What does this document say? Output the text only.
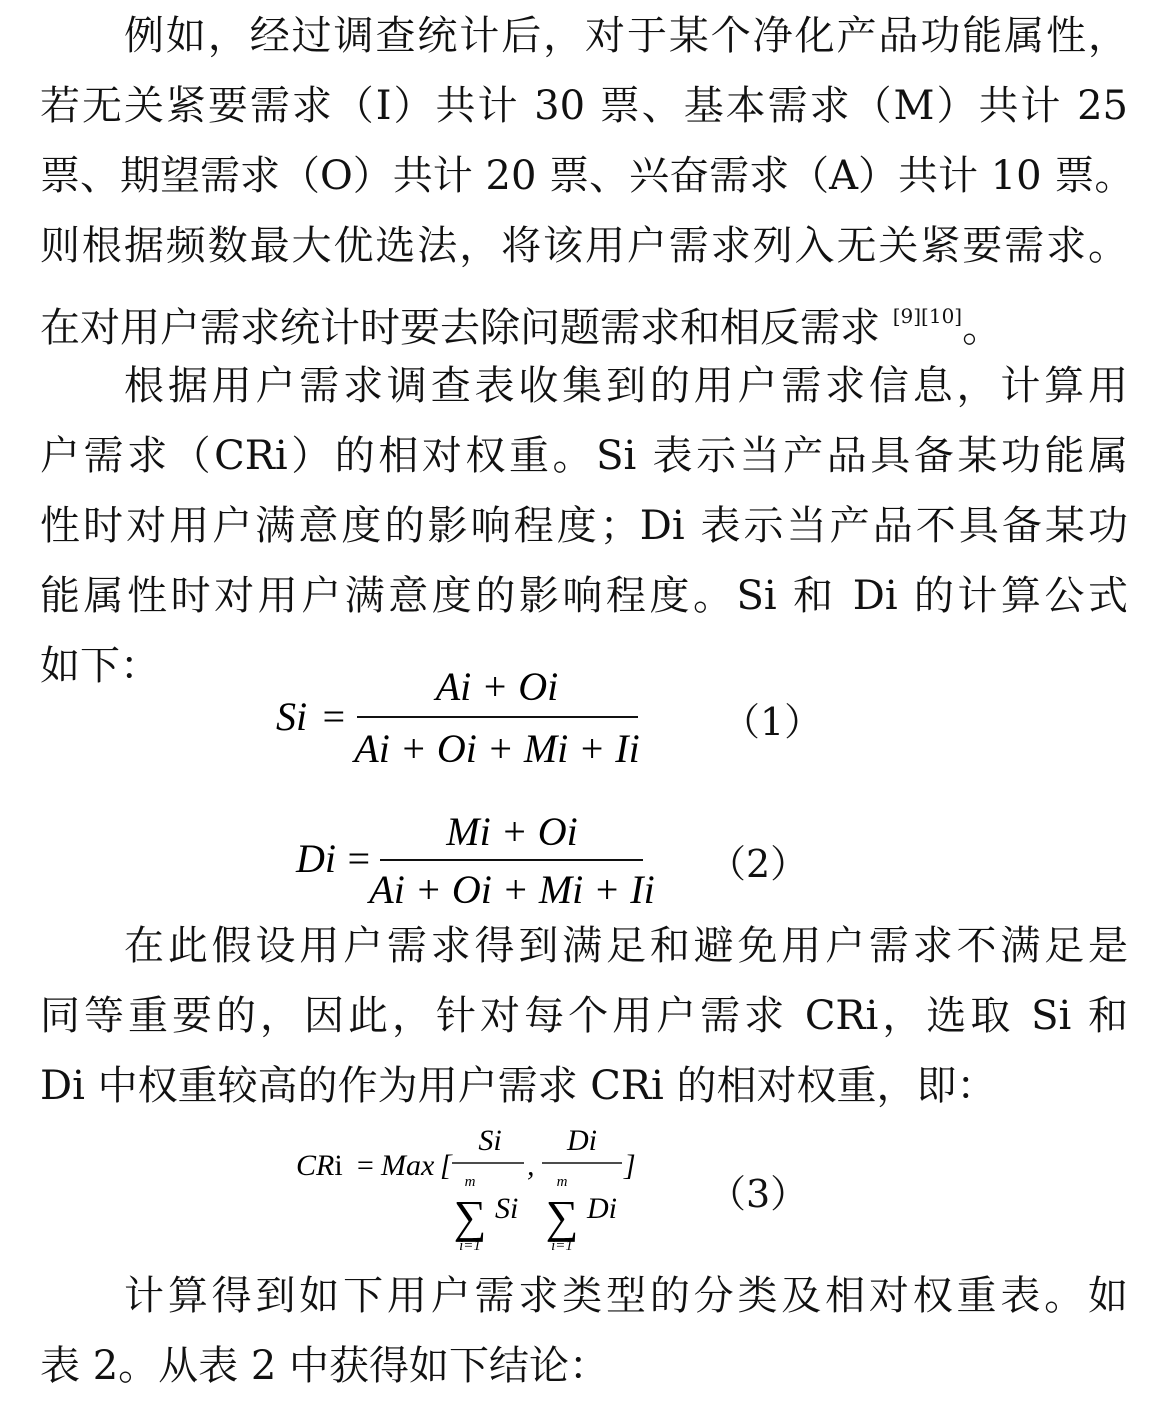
例如，经过调查统计后，对于某个净化产品功能属性，
若无关紧要需求（I）共计 30 票、基本需求（M）共计 25
票、期望需求（O）共计 20 票、兴奋需求（A）共计 10 票。
则根据频数最大优选法，将该用户需求列入无关紧要需求。
在对用户需求统计时要去除问题需求和相反需求 [9][10]。
根据用户需求调查表收集到的用户需求信息，计算用
户需求（CRi）的相对权重。Si 表示当产品具备某功能属
性时对用户满意度的影响程度；Di 表示当产品不具备某功
能属性时对用户满意度的影响程度。Si 和 Di 的计算公式
如下：
Si =
Ai + Oi
Ai + Oi + Mi + Ii
Di =
Mi + Oi
Ai + Oi + Mi + Ii
CRi = Max [
Si
m
∑
i=1
Si
,
Di
m
∑
i=1
Di
]
（1）
（2）
（3）
在此假设用户需求得到满足和避免用户需求不满足是
同等重要的，因此，针对每个用户需求 CRi，选取 Si 和
Di 中权重较高的作为用户需求 CRi 的相对权重，即：
计算得到如下用户需求类型的分类及相对权重表。如
表 2。从表 2 中获得如下结论：
